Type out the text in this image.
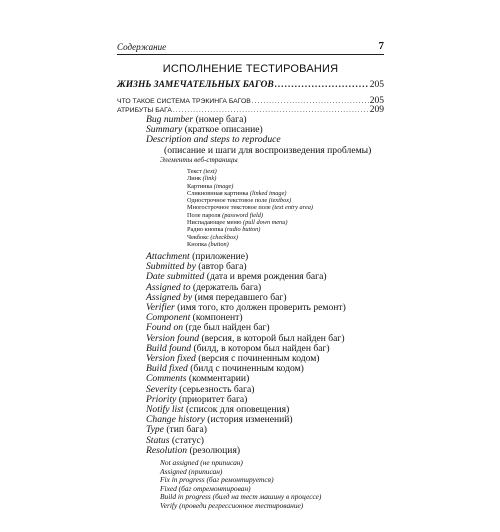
Содержание	7
ИСПОЛНЕНИЕ ТЕСТИРОВАНИЯ
ЖИЗНЬ ЗАМЕЧАТЕЛЬНЫХ БАГОВ .....	205
ЧТО ТАКОЕ СИСТЕМА ТРЭКИНГА БАГОВ .....	205
АТРИБУТЫ БАГА .....	209
Bug number (номер бага)
Summary (краткое описание)
Description and steps to reproduce
(описание и шаги для воспроизведения проблемы)
Элементы веб-страницы
Текст (text)
Линк (link)
Картинка (image)
Сликновнная картинка (linked image)
Однострочное текстовое поле (textbox)
Многострочное текстовое поле (text entry area)
Поле пароля (password field)
Ниспадающее меню (pull down menu)
Радио кнопка (radio button)
Чекбокс (checkbox)
Кнопка (button)
Attachment (приложение)
Submitted by (автор бага)
Date submitted (дата и время рождения бага)
Assigned to (держатель бага)
Assigned by (имя передавшего баг)
Verifier (имя того, кто должен проверить ремонт)
Component (компонент)
Found on (где был найден баг)
Version found (версия, в которой был найден баг)
Build found (билд, в котором был найден баг)
Version fixed (версия с починенным кодом)
Build fixed (билд с починенным кодом)
Comments (комментарии)
Severity (серьезность бага)
Priority (приоритет бага)
Notify list (список для оповещения)
Change history (история изменений)
Type (тип бага)
Status (статус)
Resolution (резолюция)
Not assigned (не приписан)
Assigned (приписан)
Fix in progress (баг ремонтируется)
Fixed (баг отремонтирован)
Build in progress (билд на тест машину в процессе)
Verify (проведи регрессионное тестирование)
